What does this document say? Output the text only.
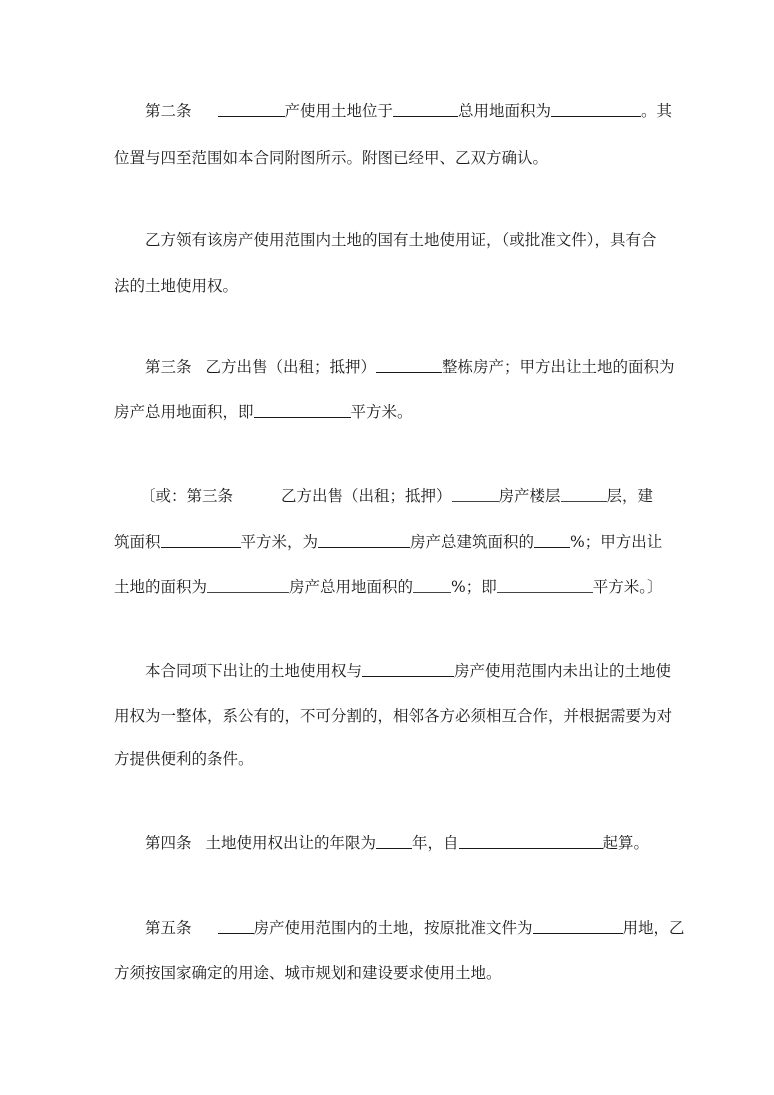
第二条	产使用土地位于	总用地面积为	。其
位置与四至范围如本合同附图所示。附图已经甲、乙双方确认。
乙方领有该房产使用范围内土地的国有土地使用证，（或批准文件），具有合
法的土地使用权。
第三条 乙方出售（出租；抵押）	整栋房产；甲方出让土地的面积为
房产总用地面积，即	平方米。
〔或：第三条	乙方出售（出租；抵押）	房产楼层	层，建
筑面积	平方米，为	房产总建筑面积的 %；甲方出让
土地的面积为	房产总用地面积的 %；即	平方米。〕
本合同项下出让的土地使用权与	房产使用范围内未出让的土地使
用权为一整体，系公有的，不可分割的，相邻各方必须相互合作，并根据需要为对
方提供便利的条件。
第四条 土地使用权出让的年限为 年，自	起算。
第五条	房产使用范围内的土地，按原批准文件为	用地，乙
方须按国家确定的用途、城市规划和建设要求使用土地。
